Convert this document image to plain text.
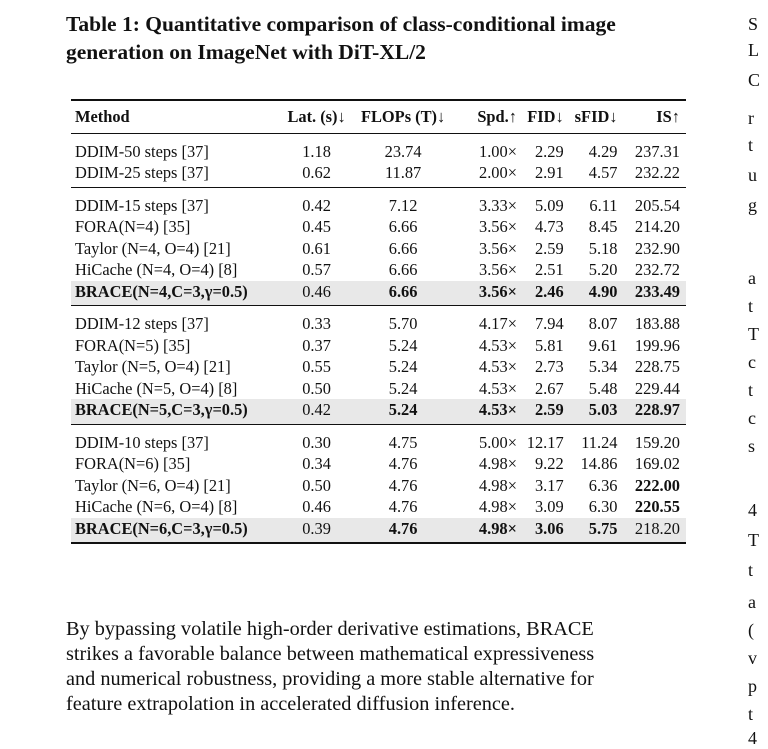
Table 1: Quantitative comparison of class-conditional image generation on ImageNet with DiT-XL/2
Method	Lat. (s)↓	FLOPs (T)↓	Spd.↑	FID↓	sFID↓	IS↑
DDIM-50 steps [37]	1.18	23.74	1.00×	2.29	4.29	237.31
DDIM-25 steps [37]	0.62	11.87	2.00×	2.91	4.57	232.22
DDIM-15 steps [37]	0.42	7.12	3.33×	5.09	6.11	205.54
FORA(N=4) [35]	0.45	6.66	3.56×	4.73	8.45	214.20
Taylor (N=4, O=4) [21]	0.61	6.66	3.56×	2.59	5.18	232.90
HiCache (N=4, O=4) [8]	0.57	6.66	3.56×	2.51	5.20	232.72
BRACE(N=4,C=3,γ=0.5)	0.46	6.66	3.56×	2.46	4.90	233.49
DDIM-12 steps [37]	0.33	5.70	4.17×	7.94	8.07	183.88
FORA(N=5) [35]	0.37	5.24	4.53×	5.81	9.61	199.96
Taylor (N=5, O=4) [21]	0.55	5.24	4.53×	2.73	5.34	228.75
HiCache (N=5, O=4) [8]	0.50	5.24	4.53×	2.67	5.48	229.44
BRACE(N=5,C=3,γ=0.5)	0.42	5.24	4.53×	2.59	5.03	228.97
DDIM-10 steps [37]	0.30	4.75	5.00×	12.17	11.24	159.20
FORA(N=6) [35]	0.34	4.76	4.98×	9.22	14.86	169.02
Taylor (N=6, O=4) [21]	0.50	4.76	4.98×	3.17	6.36	222.00
HiCache (N=6, O=4) [8]	0.46	4.76	4.98×	3.09	6.30	220.55
BRACE(N=6,C=3,γ=0.5)	0.39	4.76	4.98×	3.06	5.75	218.20
By bypassing volatile high-order derivative estimations, BRACE
strikes a favorable balance between mathematical expressiveness
and numerical robustness, providing a more stable alternative for
feature extrapolation in accelerated diffusion inference.
S
L
C
r
t
u
g
a
t
T
c
t
c
s
4
T
t
a
(
v
p
t
4
